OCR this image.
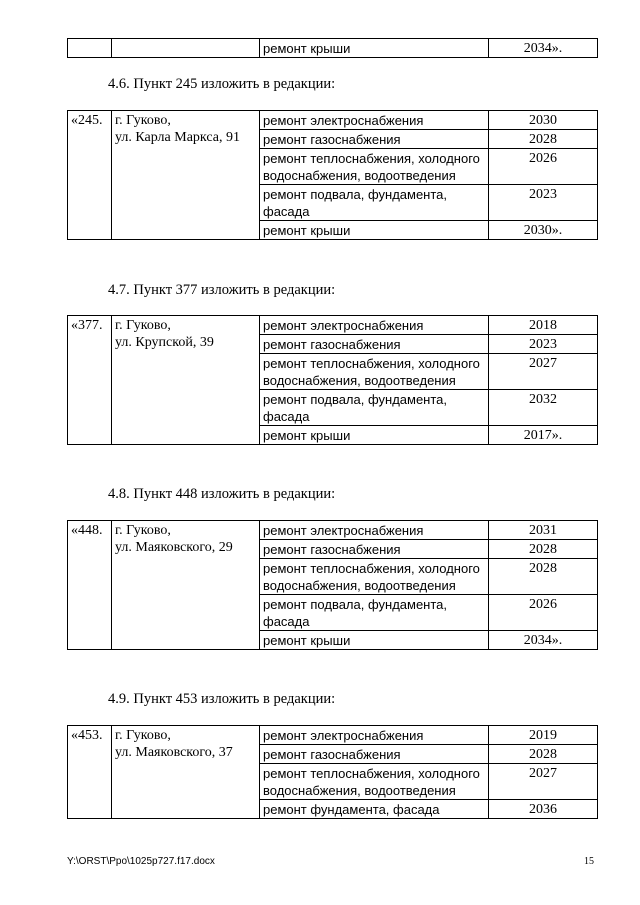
		ремонт крыши	2034».
4.6. Пункт 245 изложить в редакции:
«245.	г. Гуково,
ул. Карла Маркса, 91	ремонт электроснабжения	2030
		ремонт газоснабжения	2028
		ремонт теплоснабжения, холодного водоснабжения, водоотведения	2026
		ремонт подвала, фундамента, фасада	2023
		ремонт крыши	2030».
4.7. Пункт 377 изложить в редакции:
«377.	г. Гуково,
ул. Крупской, 39	ремонт электроснабжения	2018
		ремонт газоснабжения	2023
		ремонт теплоснабжения, холодного водоснабжения, водоотведения	2027
		ремонт подвала, фундамента, фасада	2032
		ремонт крыши	2017».
4.8. Пункт 448 изложить в редакции:
«448.	г. Гуково,
ул. Маяковского, 29	ремонт электроснабжения	2031
		ремонт газоснабжения	2028
		ремонт теплоснабжения, холодного водоснабжения, водоотведения	2028
		ремонт подвала, фундамента, фасада	2026
		ремонт крыши	2034».
4.9. Пункт 453 изложить в редакции:
«453.	г. Гуково,
ул. Маяковского, 37	ремонт электроснабжения	2019
		ремонт газоснабжения	2028
		ремонт теплоснабжения, холодного водоснабжения, водоотведения	2027
		ремонт фундамента, фасада	2036
Y:\ORST\Ppo\1025p727.f17.docx	15
